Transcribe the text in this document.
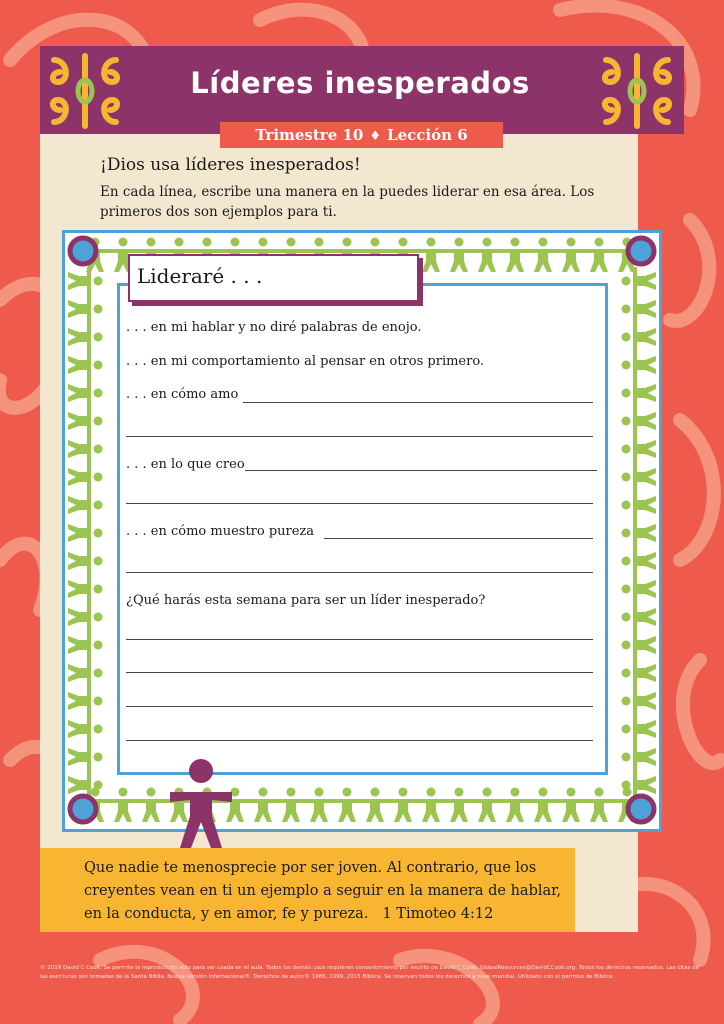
Líderes inesperados
Trimestre 10 ♦ Lección 6
¡Dios usa líderes inesperados!
En cada línea, escribe una manera en la puedes liderar en esa área. Los primeros dos son ejemplos para ti.
Lideraré . . .
. . . en mi hablar y no diré palabras de enojo.
. . . en mi comportamiento al pensar en otros primero.
. . . en cómo amo
. . . en lo que creo
. . . en cómo muestro pureza
¿Qué harás esta semana para ser un líder inesperado?
Que nadie te menosprecie por ser joven. Al contrario, que los creyentes vean en ti un ejemplo a seguir en la manera de hablar, en la conducta, y en amor, fe y pureza. 1 Timoteo 4:12
© 2019 David C Cook. Se permite la reproducción solo para ser usada en el aula. Todos los demás usos requieren consentimiento por escrito de David C Cook. GlobalResources@DavidCCook.org. Todos los derechos reservados. Las citas de las escrituras son tomadas de la Santa Biblia, Nueva Versión Internacional®. Derechos de autor© 1986, 1999, 2015 Biblica. Se reservan todos los derechos a nivel mundial. Utilizado con el permiso de Biblica.
